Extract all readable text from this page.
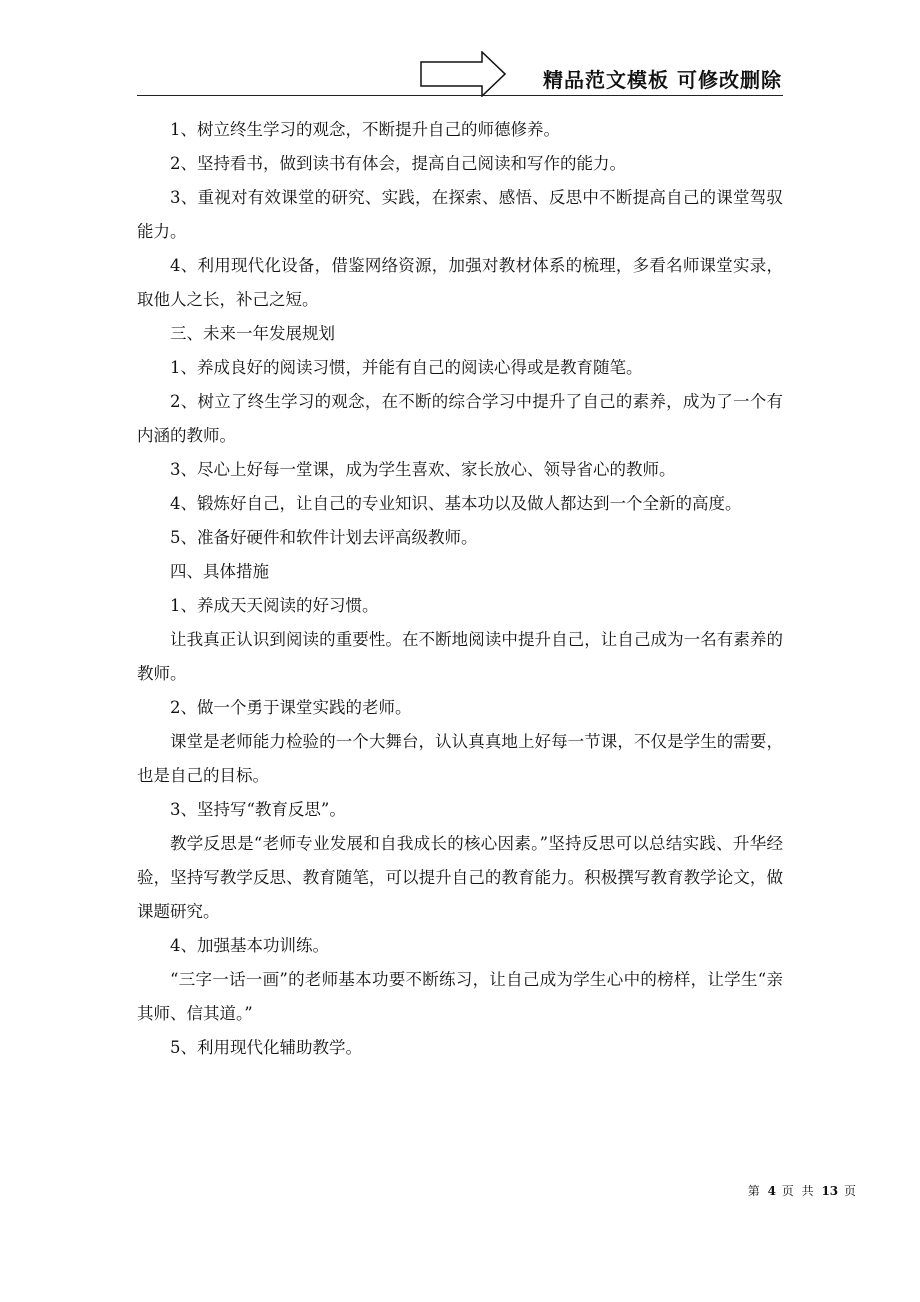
精品范文模板 可修改删除

1、树立终生学习的观念，不断提升自己的师德修养。

2、坚持看书，做到读书有体会，提高自己阅读和写作的能力。

3、重视对有效课堂的研究、实践，在探索、感悟、反思中不断提高自己的课堂驾驭能力。

4、利用现代化设备，借鉴网络资源，加强对教材体系的梳理，多看名师课堂实录，取他人之长，补己之短。

三、未来一年发展规划

1、养成良好的阅读习惯，并能有自己的阅读心得或是教育随笔。

2、树立了终生学习的观念，在不断的综合学习中提升了自己的素养，成为了一个有内涵的教师。

3、尽心上好每一堂课，成为学生喜欢、家长放心、领导省心的教师。

4、锻炼好自己，让自己的专业知识、基本功以及做人都达到一个全新的高度。

5、准备好硬件和软件计划去评高级教师。

四、具体措施

1、养成天天阅读的好习惯。

让我真正认识到阅读的重要性。在不断地阅读中提升自己，让自己成为一名有素养的教师。

2、做一个勇于课堂实践的老师。

课堂是老师能力检验的一个大舞台，认认真真地上好每一节课，不仅是学生的需要，也是自己的目标。

3、坚持写“教育反思”。

教学反思是“老师专业发展和自我成长的核心因素。”坚持反思可以总结实践、升华经验，坚持写教学反思、教育随笔，可以提升自己的教育能力。积极撰写教育教学论文，做课题研究。

4、加强基本功训练。

“三字一话一画”的老师基本功要不断练习，让自己成为学生心中的榜样，让学生“亲其师、信其道。”

5、利用现代化辅助教学。

第 4 页 共 13 页
